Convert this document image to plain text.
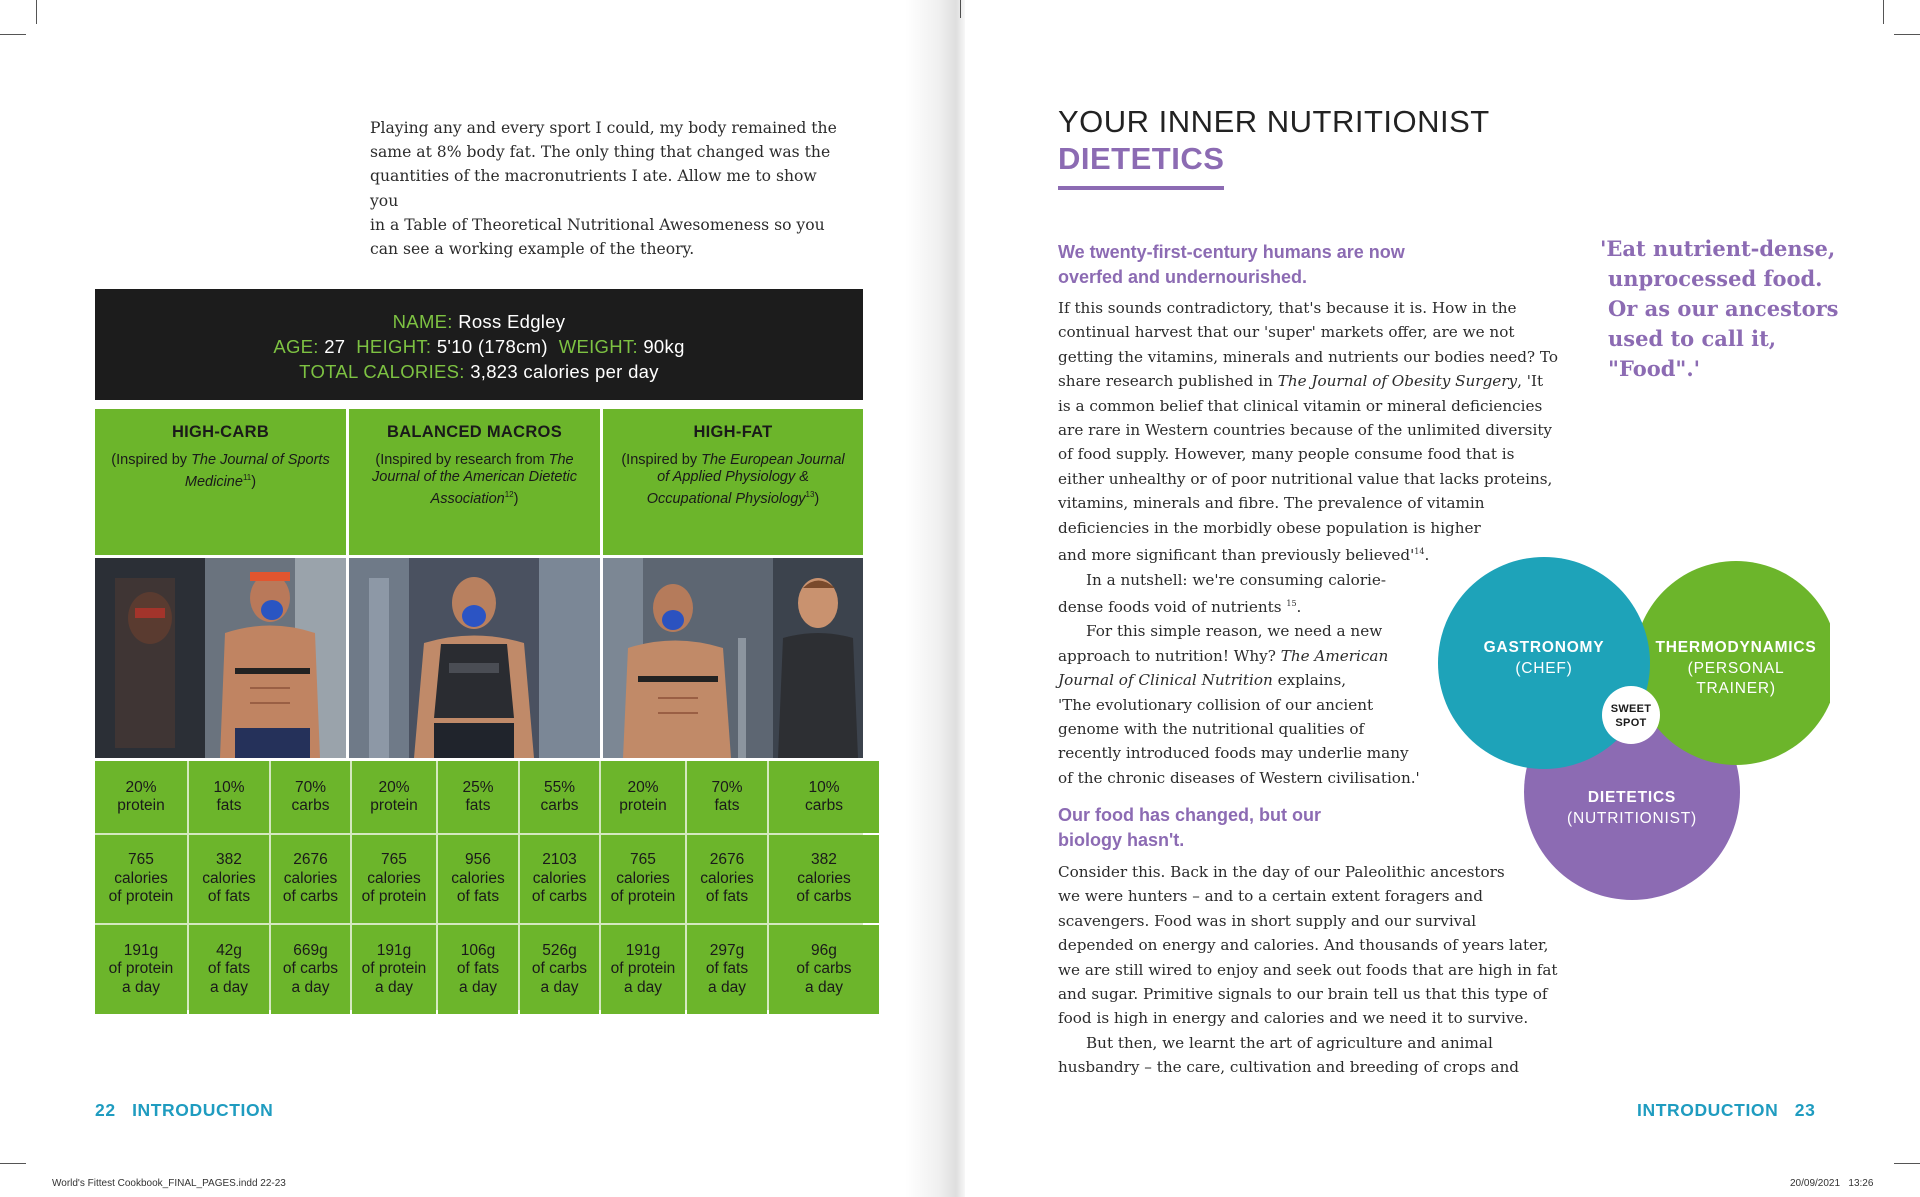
Playing any and every sport I could, my body remained the
same at 8% body fat. The only thing that changed was the
quantities of the macronutrients I ate. Allow me to show you
in a Table of Theoretical Nutritional Awesomeness so you
can see a working example of the theory.
NAME: Ross Edgley
AGE: 27 HEIGHT: 5'10 (178cm) WEIGHT: 90kg
TOTAL CALORIES: 3,823 calories per day
HIGH-CARB
(Inspired by The Journal of Sports Medicine$^{11}$)
BALANCED MACROS
(Inspired by research from The Journal of the American Dietetic Association$^{12}$)
HIGH-FAT
(Inspired by The European Journal of Applied Physiology & Occupational Physiology$^{13}$)
20%
protein
10%
fats
70%
carbs
20%
protein
25%
fats
55%
carbs
20%
protein
70%
fats
10%
carbs
765
calories
of protein
382
calories
of fats
2676
calories
of carbs
765
calories
of protein
956
calories
of fats
2103
calories
of carbs
765
calories
of protein
2676
calories
of fats
382
calories
of carbs
191g
of protein
a day
42g
of fats
a day
669g
of carbs
a day
191g
of protein
a day
106g
of fats
a day
526g
of carbs
a day
191g
of protein
a day
297g
of fats
a day
96g
of carbs
a day
22 INTRODUCTION
World's Fittest Cookbook_FINAL_PAGES.indd 22-23	20/09/2021 13:26
YOUR INNER NUTRITIONIST
DIETETICS
We twenty-first-century humans are now
overfed and undernourished.

If this sounds contradictory, that's because it is. How in the

continual harvest that our 'super' markets offer, are we not

getting the vitamins, minerals and nutrients our bodies need? To

share research published in The Journal of Obesity Surgery, 'It

is a common belief that clinical vitamin or mineral deficiencies

are rare in Western countries because of the unlimited diversity

of food supply. However, many people consume food that is

either unhealthy or of poor nutritional value that lacks proteins,

vitamins, minerals and fibre. The prevalence of vitamin

deficiencies in the morbidly obese population is higher

and more significant than previously $believed'^{14}$.

In a nutshell: we're consuming calorie-

dense foods void of nutrients $^{15}$.

For this simple reason, we need a new

approach to nutrition! Why? The American

Journal of Clinical Nutrition explains,

'The evolutionary collision of our ancient

genome with the nutritional qualities of

recently introduced foods may underlie many

of the chronic diseases of Western civilisation.'

Our food has changed, but our
biology hasn't.

Consider this. Back in the day of our Paleolithic ancestors

we were hunters – and to a certain extent foragers and

scavengers. Food was in short supply and our survival

depended on energy and calories. And thousands of years later,

we are still wired to enjoy and seek out foods that are high in fat

and sugar. Primitive signals to our brain tell us that this type of

food is high in energy and calories and we need it to survive.

But then, we learnt the art of agriculture and animal

husbandry – the care, cultivation and breeding of crops and

'Eat nutrient-dense,
unprocessed food.
Or as our ancestors
used to call it,
"Food".'
GASTRONOMY
(CHEF)
THERMODYNAMICS
(PERSONAL
TRAINER)
DIETETICS
(NUTRITIONIST)
SWEET
SPOT
INTRODUCTION 23
